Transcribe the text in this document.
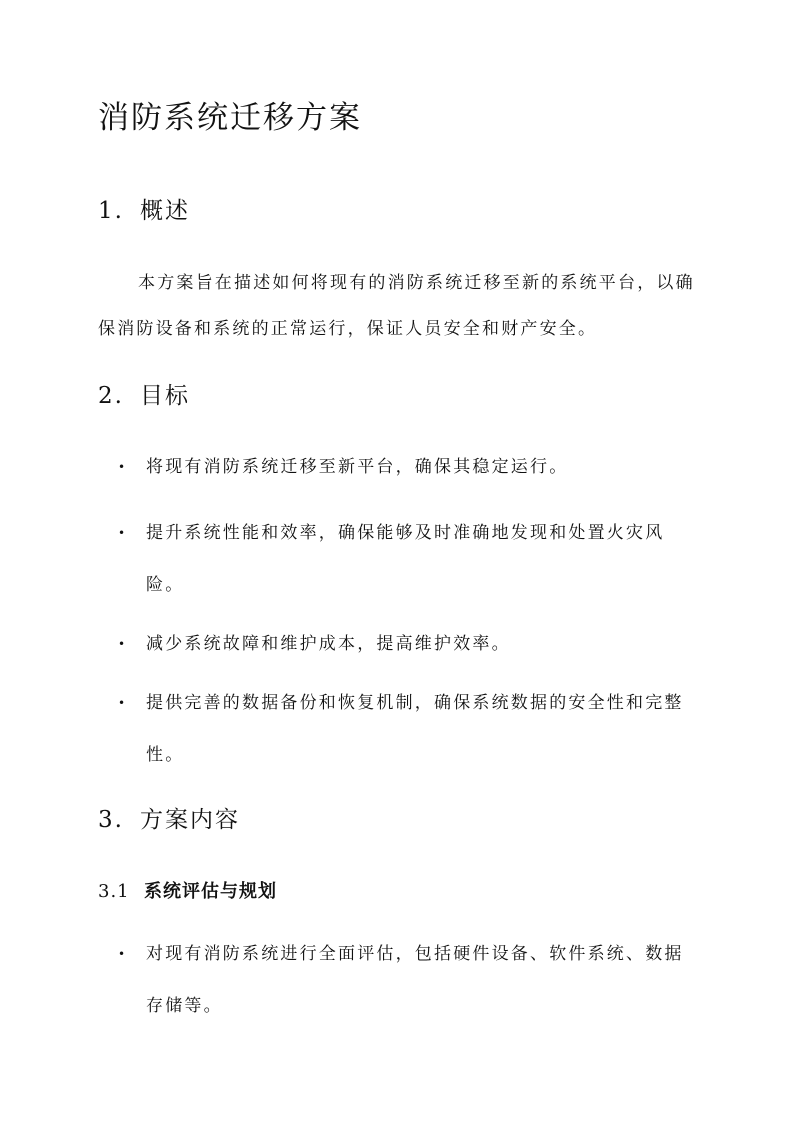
消防系统迁移方案
1. 概述

本方案旨在描述如何将现有的消防系统迁移至新的系统平台，以确保消防设备和系统的正常运行，保证人员安全和财产安全。

2. 目标
•	将现有消防系统迁移至新平台，确保其稳定运行。
•	提升系统性能和效率，确保能够及时准确地发现和处置火灾风险。
•	减少系统故障和维护成本，提高维护效率。
•	提供完善的数据备份和恢复机制，确保系统数据的安全性和完整性。
3. 方案内容
3.1 系统评估与规划
•	对现有消防系统进行全面评估，包括硬件设备、软件系统、数据存储等。
